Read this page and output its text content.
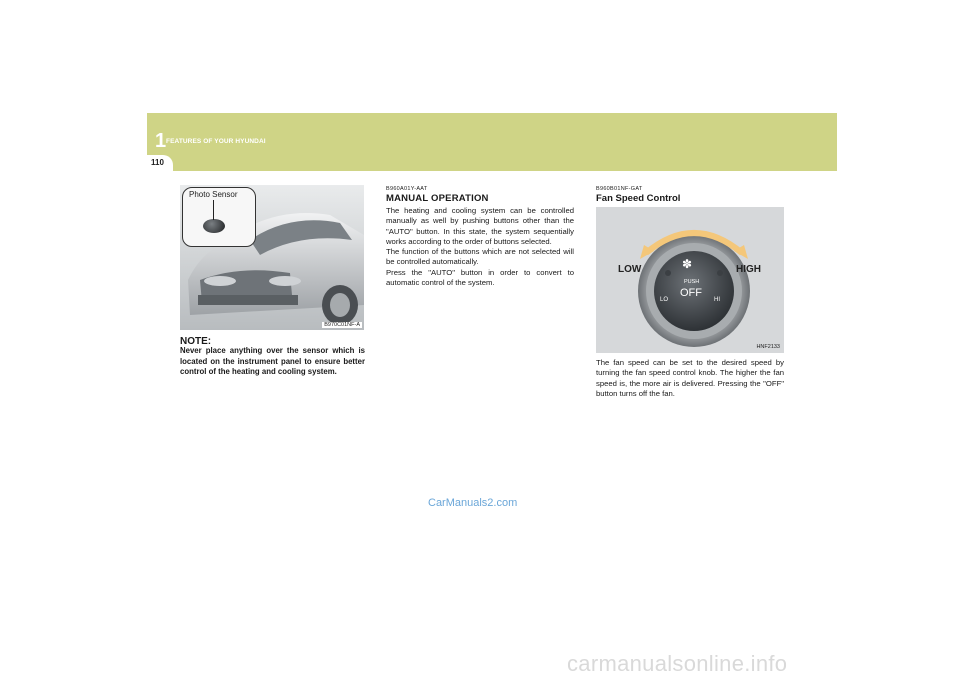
1 FEATURES OF YOUR HYUNDAI
110
Photo Sensor
B970C01NF-A
NOTE:
Never place anything over the sensor which is located on the instrument panel to ensure better control of the heating and cooling system.
B960A01Y-AAT
MANUAL OPERATION

The heating and cooling system can be controlled manually as well by pushing buttons other than the "AUTO" button. In this state, the system sequentially works according to the order of buttons selected.

The function of the buttons which are not selected will be controlled automatically.

Press the "AUTO" button in order to convert to automatic control of the system.

B960B01NF-GAT
Fan Speed Control
LOW	HIGH
✽
PUSH
OFF
LO	HI
HNF2133
The fan speed can be set to the desired speed by turning the fan speed control knob. The higher the fan speed is, the more air is delivered. Pressing the "OFF" button turns off the fan.
CarManuals2.com
carmanualsonline.info
